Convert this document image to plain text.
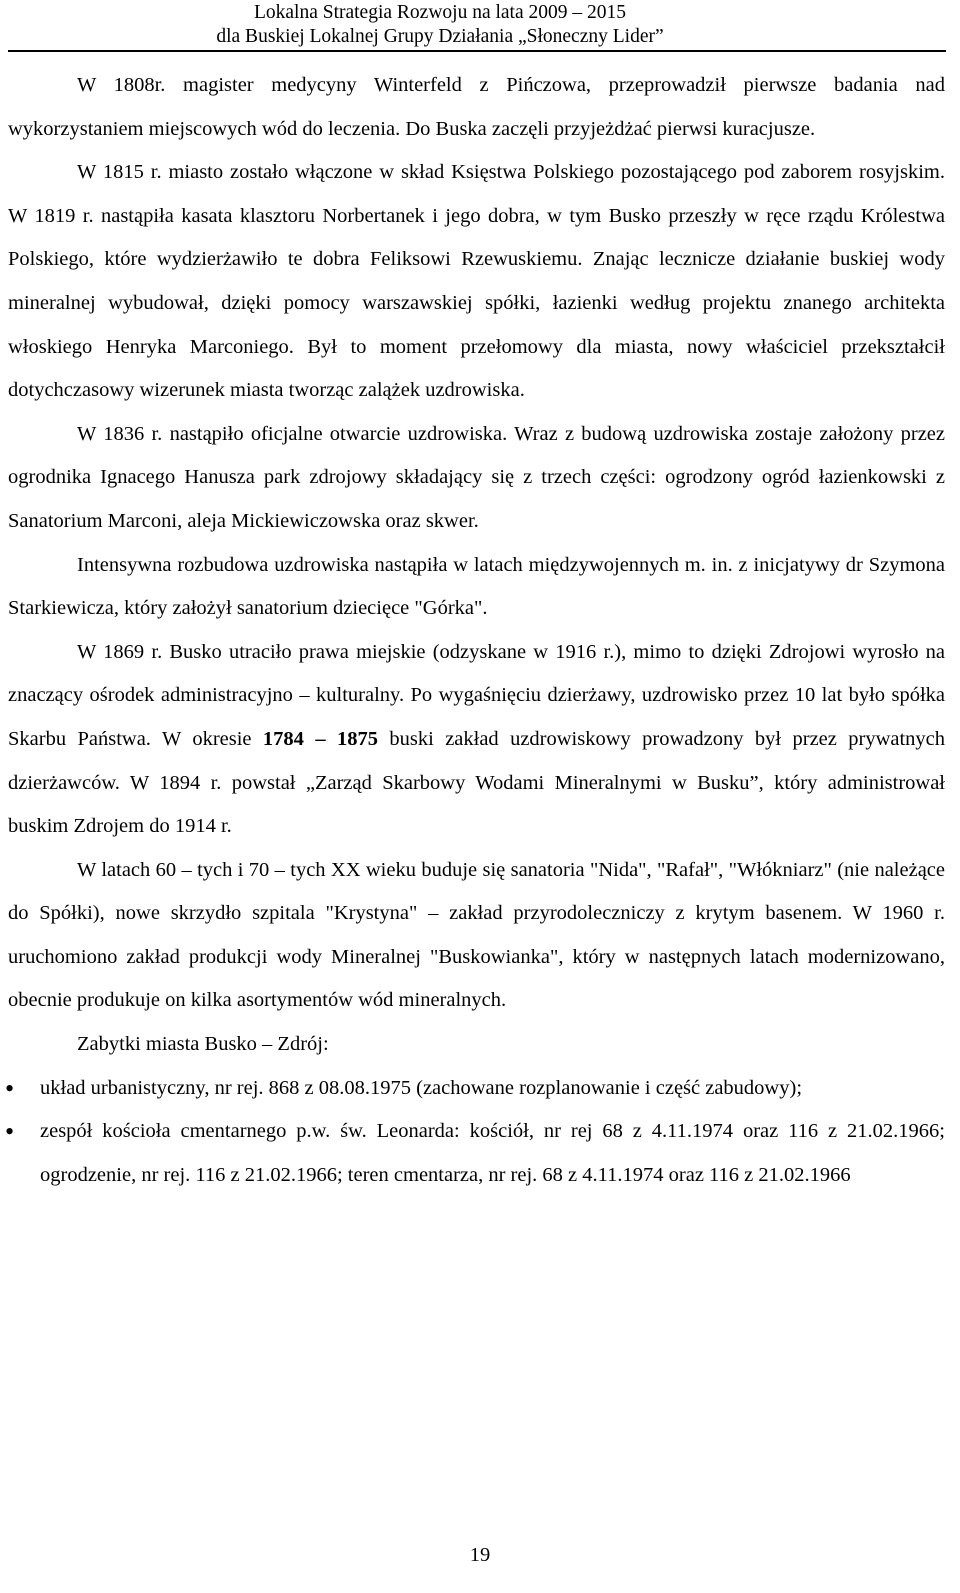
Lokalna Strategia Rozwoju na lata 2009 – 2015
dla Buskiej Lokalnej Grupy Działania „Słoneczny Lider”

W 1808r. magister medycyny Winterfeld z Pińczowa, przeprowadził pierwsze badania nad wykorzystaniem miejscowych wód do leczenia. Do Buska zaczęli przyjeżdżać pierwsi kuracjusze.

W 1815 r. miasto zostało włączone w skład Księstwa Polskiego pozostającego pod zaborem rosyjskim. W 1819 r. nastąpiła kasata klasztoru Norbertanek i jego dobra, w tym Busko przeszły w ręce rządu Królestwa Polskiego, które wydzierżawiło te dobra Feliksowi Rzewuskiemu. Znając lecznicze działanie buskiej wody mineralnej wybudował, dzięki pomocy warszawskiej spółki, łazienki według projektu znanego architekta włoskiego Henryka Marconiego. Był to moment przełomowy dla miasta, nowy właściciel przekształcił dotychczasowy wizerunek miasta tworząc zalążek uzdrowiska.

W 1836 r. nastąpiło oficjalne otwarcie uzdrowiska. Wraz z budową uzdrowiska zostaje założony przez ogrodnika Ignacego Hanusza park zdrojowy składający się z trzech części: ogrodzony ogród łazienkowski z Sanatorium Marconi, aleja Mickiewiczowska oraz skwer.

Intensywna rozbudowa uzdrowiska nastąpiła w latach międzywojennych m. in. z inicjatywy dr Szymona Starkiewicza, który założył sanatorium dziecięce "Górka".

W 1869 r. Busko utraciło prawa miejskie (odzyskane w 1916 r.), mimo to dzięki Zdrojowi wyrosło na znaczący ośrodek administracyjno – kulturalny. Po wygaśnięciu dzierżawy, uzdrowisko przez 10 lat było spółka Skarbu Państwa. W okresie 1784 – 1875 buski zakład uzdrowiskowy prowadzony był przez prywatnych dzierżawców. W 1894 r. powstał „Zarząd Skarbowy Wodami Mineralnymi w Busku”, który administrował buskim Zdrojem do 1914 r.

W latach 60 – tych i 70 – tych XX wieku buduje się sanatoria "Nida", "Rafał", "Włókniarz" (nie należące do Spółki), nowe skrzydło szpitala "Krystyna" – zakład przyrodoleczniczy z krytym basenem. W 1960 r. uruchomiono zakład produkcji wody Mineralnej "Buskowianka", który w następnych latach modernizowano, obecnie produkuje on kilka asortymentów wód mineralnych.

Zabytki miasta Busko – Zdrój:

• układ urbanistyczny, nr rej. 868 z 08.08.1975 (zachowane rozplanowanie i część zabudowy);
• zespół kościoła cmentarnego p.w. św. Leonarda: kościół, nr rej 68 z 4.11.1974 oraz 116 z 21.02.1966; ogrodzenie, nr rej. 116 z 21.02.1966; teren cmentarza, nr rej. 68 z 4.11.1974 oraz 116 z 21.02.1966
19
